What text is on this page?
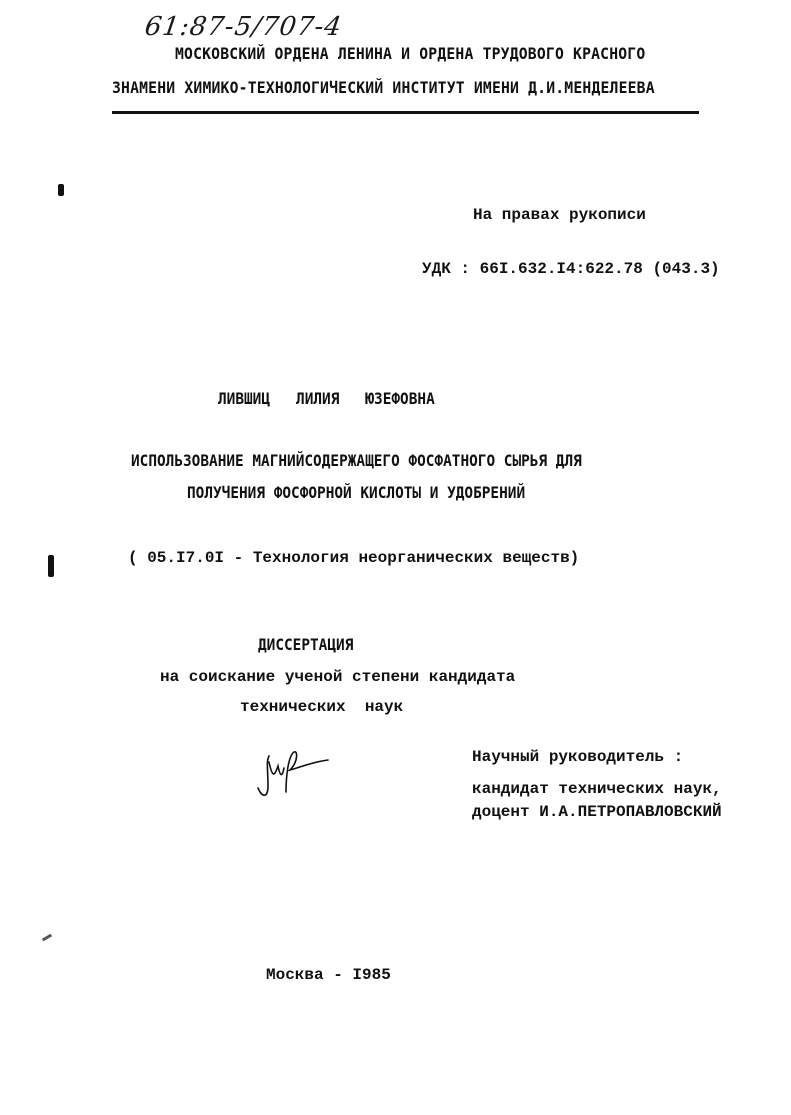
61:87-5/707-4
МОСКОВСКИЙ ОРДЕНА ЛЕНИНА И ОРДЕНА ТРУДОВОГО КРАСНОГО
ЗНАМЕНИ ХИМИКО-ТЕХНОЛОГИЧЕСКИЙ ИНСТИТУТ ИМЕНИ Д.И.МЕНДЕЛЕЕВА
На правах рукописи
УДК : 66I.632.I4:622.78 (043.3)
ЛИВШИЦ   ЛИЛИЯ   ЮЗЕФОВНА
ИСПОЛЬЗОВАНИЕ МАГНИЙСОДЕРЖАЩЕГО ФОСФАТНОГО СЫРЬЯ ДЛЯ
ПОЛУЧЕНИЯ ФОСФОРНОЙ КИСЛОТЫ И УДОБРЕНИЙ
( 05.I7.0I - Технология неорганических веществ)
ДИССЕРТАЦИЯ
на соискание ученой степени кандидата
технических  наук
Научный руководитель :
кандидат технических наук,
доцент И.А.ПЕТРОПАВЛОВСКИЙ
Москва - I985
